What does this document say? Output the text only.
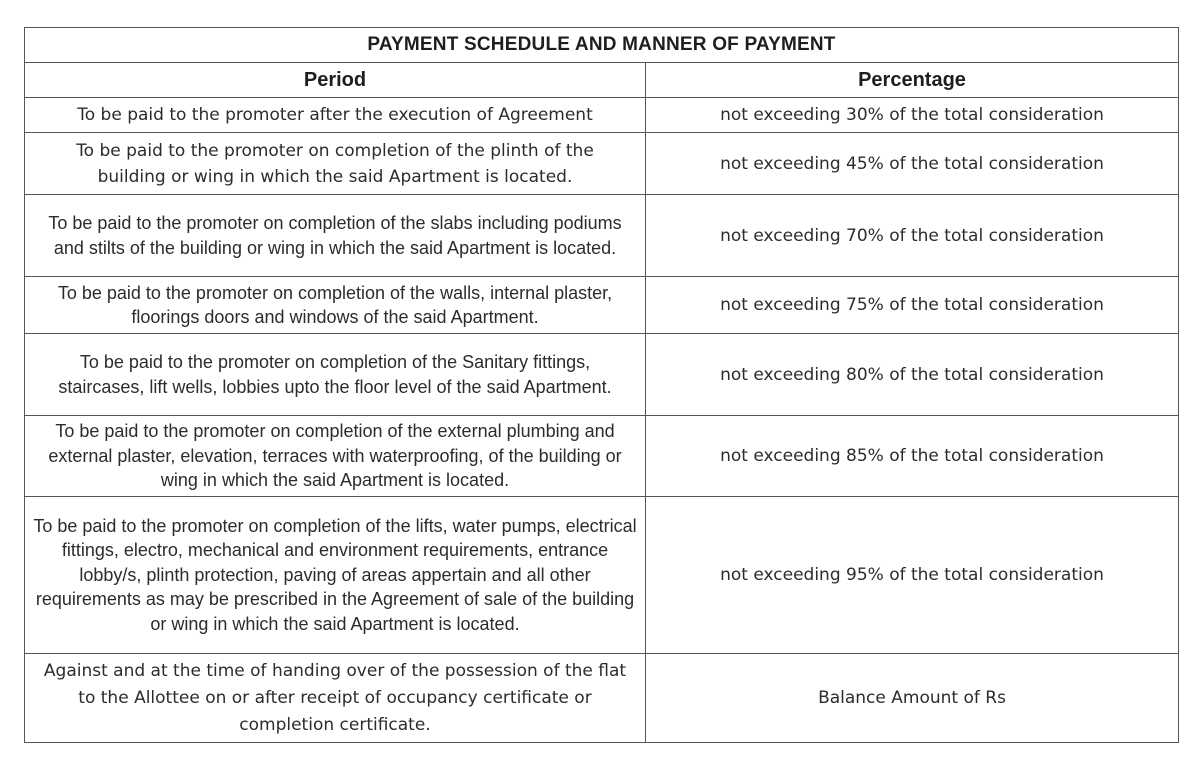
PAYMENT SCHEDULE AND MANNER OF PAYMENT	
Period	Percentage
To be paid to the promoter after the execution of Agreement	not exceeding 30% of the total consideration
To be paid to the promoter on completion of the plinth of the building or wing in which the said Apartment is located.	not exceeding 45% of the total consideration
To be paid to the promoter on completion of the slabs including podiums and stilts of the building or wing in which the said Apartment is located.	not exceeding 70% of the total consideration
To be paid to the promoter on completion of the walls, internal plaster, floorings doors and windows of the said Apartment.	not exceeding 75% of the total consideration
To be paid to the promoter on completion of the Sanitary fittings, staircases, lift wells, lobbies upto the floor level of the said Apartment.	not exceeding 80% of the total consideration
To be paid to the promoter on completion of the external plumbing and external plaster, elevation, terraces with waterproofing, of the building or wing in which the said Apartment is located.	not exceeding 85% of the total consideration
To be paid to the promoter on completion of the lifts, water pumps, electrical fittings, electro, mechanical and environment requirements, entrance lobby/s, plinth protection, paving of areas appertain and all other requirements as may be prescribed in the Agreement of sale of the building or wing in which the said Apartment is located.	not exceeding 95% of the total consideration
Against and at the time of handing over of the possession of the flat to the Allottee on or after receipt of occupancy certificate or completion certificate.	Balance Amount of Rs
